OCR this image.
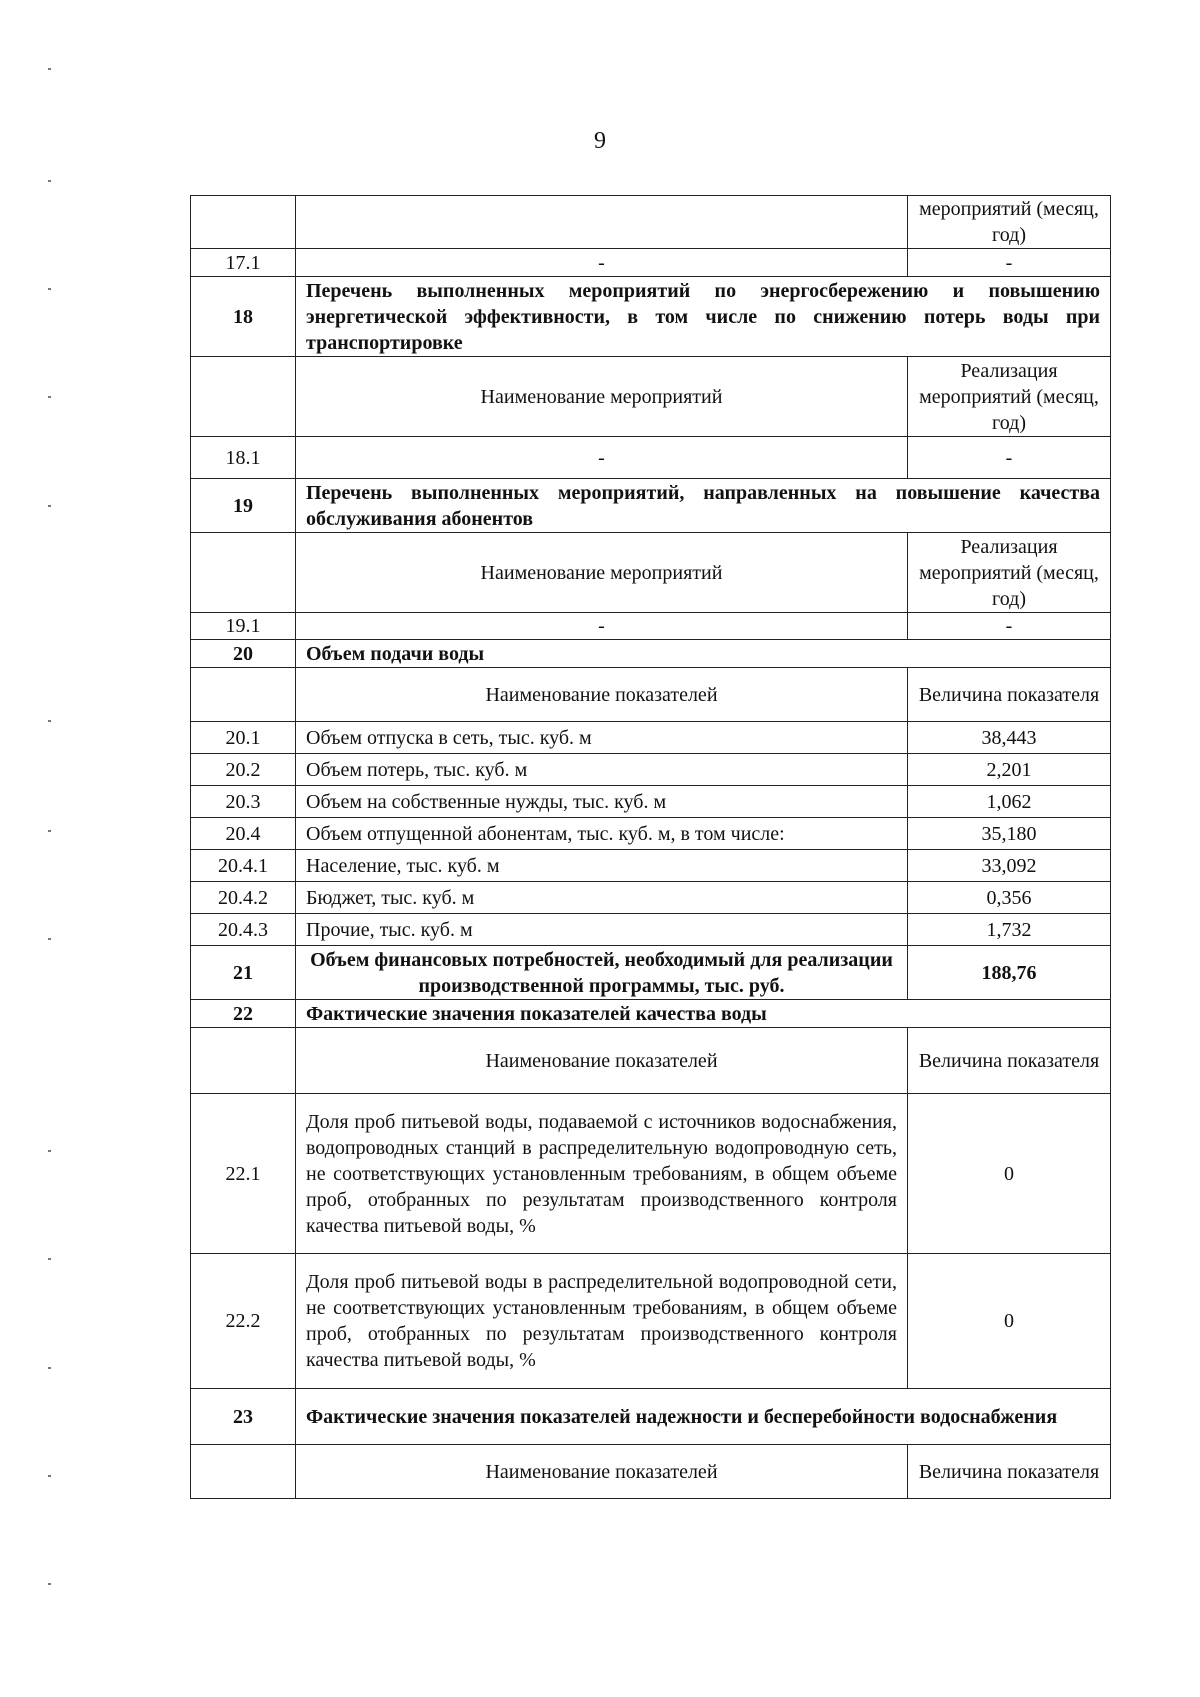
9
		мероприятий (месяц, год)
17.1	-	-
18	Перечень выполненных мероприятий по энергосбережению и повышению энергетической эффективности, в том числе по снижению потерь воды при транспортировке	
	Наименование мероприятий	Реализация мероприятий (месяц, год)
18.1	-	-
19	Перечень выполненных мероприятий, направленных на повышение качества обслуживания абонентов	
	Наименование мероприятий	Реализация мероприятий (месяц, год)
19.1	-	-
20	Объем подачи воды	
	Наименование показателей	Величина показателя
20.1	Объем отпуска в сеть, тыс. куб. м	38,443
20.2	Объем потерь, тыс. куб. м	2,201
20.3	Объем на собственные нужды, тыс. куб. м	1,062
20.4	Объем отпущенной абонентам, тыс. куб. м, в том числе:	35,180
20.4.1	Население, тыс. куб. м	33,092
20.4.2	Бюджет, тыс. куб. м	0,356
20.4.3	Прочие, тыс. куб. м	1,732
21	Объем финансовых потребностей, необходимый для реализации производственной программы, тыс. руб.	188,76
22	Фактические значения показателей качества воды	
	Наименование показателей	Величина показателя
22.1	Доля проб питьевой воды, подаваемой с источников водоснабжения, водопроводных станций в распределительную водопроводную сеть, не соответствующих установленным требованиям, в общем объеме проб, отобранных по результатам производственного контроля качества питьевой воды, %	0
22.2	Доля проб питьевой воды в распределительной водопроводной сети, не соответствующих установленным требованиям, в общем объеме проб, отобранных по результатам производственного контроля качества питьевой воды, %	0
23	Фактические значения показателей надежности и бесперебойности водоснабжения	
	Наименование показателей	Величина показателя
